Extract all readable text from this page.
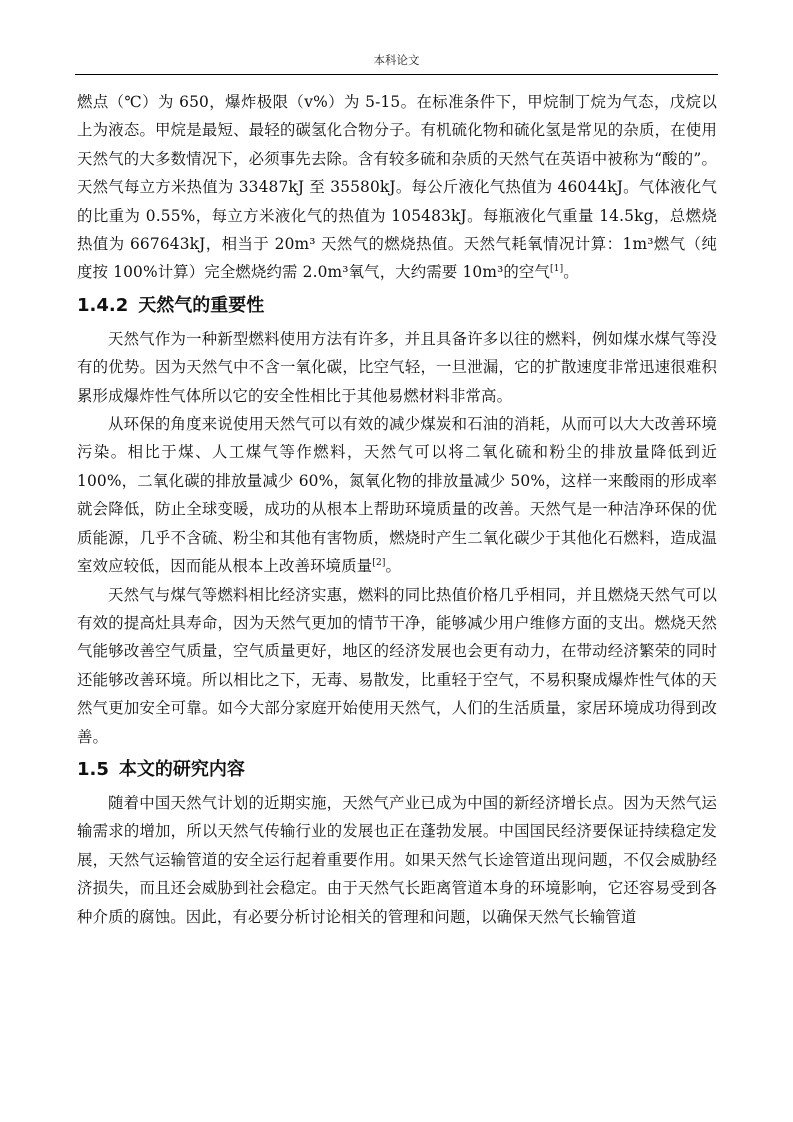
本科论文

燃点（℃）为 650，爆炸极限（v%）为 5-15。在标准条件下，甲烷制丁烷为气态，戊烷以上为液态。甲烷是最短、最轻的碳氢化合物分子。有机硫化物和硫化氢是常见的杂质，在使用天然气的大多数情况下，必须事先去除。含有较多硫和杂质的天然气在英语中被称为“酸的”。天然气每立方米热值为 33487kJ 至 35580kJ。每公斤液化气热值为 46044kJ。气体液化气的比重为 0.55%，每立方米液化气的热值为 105483kJ。每瓶液化气重量 14.5kg，总燃烧热值为 667643kJ，相当于 20m³ 天然气的燃烧热值。天然气耗氧情况计算：1m³燃气（纯度按 100%计算）完全燃烧约需 2.0m³氧气，大约需要 10m³的空气[1]。

1.4.2 天然气的重要性

天然气作为一种新型燃料使用方法有许多，并且具备许多以往的燃料，例如煤水煤气等没有的优势。因为天然气中不含一氧化碳，比空气轻，一旦泄漏，它的扩散速度非常迅速很难积累形成爆炸性气体所以它的安全性相比于其他易燃材料非常高。

从环保的角度来说使用天然气可以有效的减少煤炭和石油的消耗，从而可以大大改善环境污染。相比于煤、人工煤气等作燃料，天然气可以将二氧化硫和粉尘的排放量降低到近 100%，二氧化碳的排放量减少 60%，氮氧化物的排放量减少 50%，这样一来酸雨的形成率就会降低，防止全球变暖，成功的从根本上帮助环境质量的改善。天然气是一种洁净环保的优质能源，几乎不含硫、粉尘和其他有害物质，燃烧时产生二氧化碳少于其他化石燃料，造成温室效应较低，因而能从根本上改善环境质量[2]。

天然气与煤气等燃料相比经济实惠，燃料的同比热值价格几乎相同，并且燃烧天然气可以有效的提高灶具寿命，因为天然气更加的情节干净，能够减少用户维修方面的支出。燃烧天然气能够改善空气质量，空气质量更好，地区的经济发展也会更有动力，在带动经济繁荣的同时还能够改善环境。所以相比之下，无毒、易散发，比重轻于空气，不易积聚成爆炸性气体的天然气更加安全可靠。如今大部分家庭开始使用天然气，人们的生活质量，家居环境成功得到改善。

1.5 本文的研究内容

随着中国天然气计划的近期实施，天然气产业已成为中国的新经济增长点。因为天然气运输需求的增加，所以天然气传输行业的发展也正在蓬勃发展。中国国民经济要保证持续稳定发展，天然气运输管道的安全运行起着重要作用。如果天然气长途管道出现问题，不仅会威胁经济损失，而且还会威胁到社会稳定。由于天然气长距离管道本身的环境影响，它还容易受到各种介质的腐蚀。因此，有必要分析讨论相关的管理和问题，以确保天然气长输管道
